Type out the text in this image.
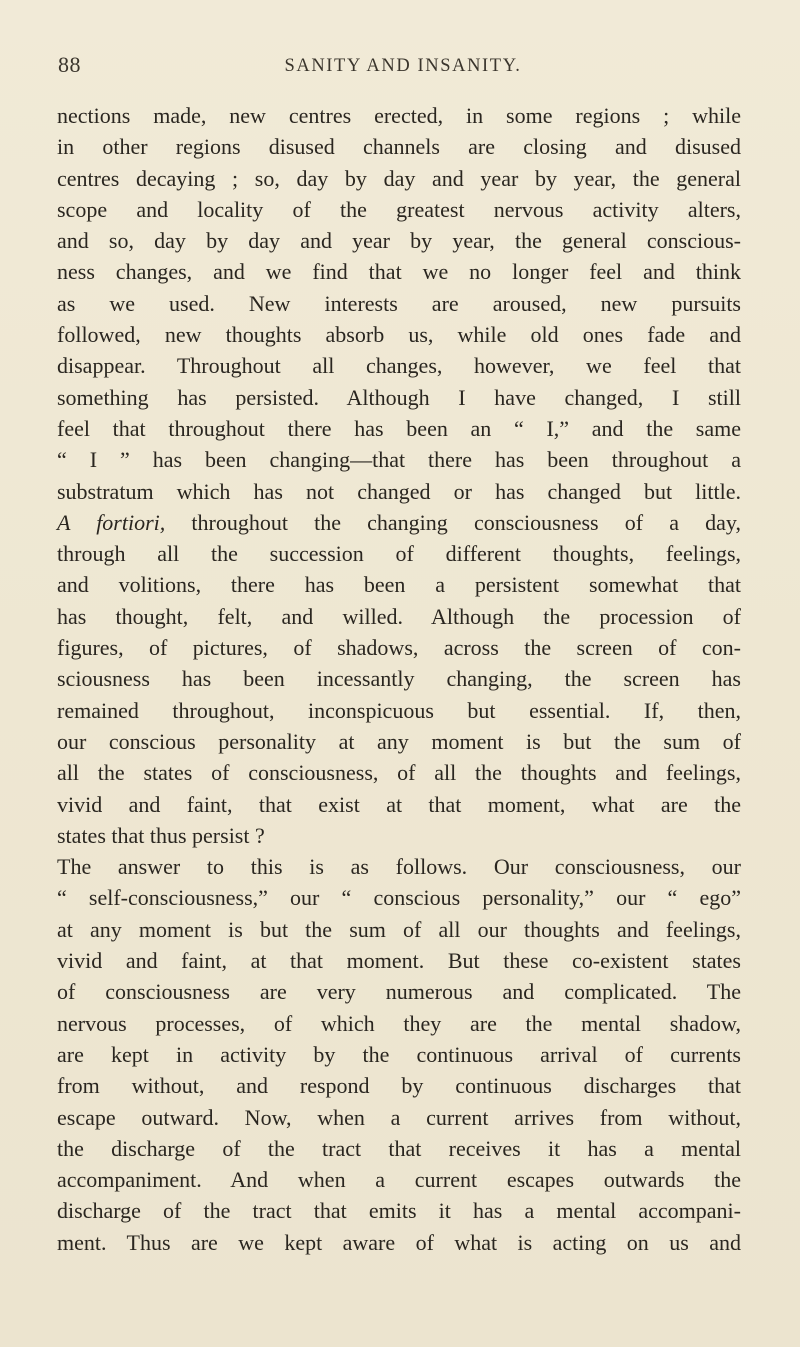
88	SANITY AND INSANITY.
nections made, new centres erected, in some regions ; while
in other regions disused channels are closing and disused
centres decaying ; so, day by day and year by year, the general
scope and locality of the greatest nervous activity alters,
and so, day by day and year by year, the general conscious-
ness changes, and we find that we no longer feel and think
as we used. New interests are aroused, new pursuits
followed, new thoughts absorb us, while old ones fade and
disappear. Throughout all changes, however, we feel that
something has persisted. Although I have changed, I still
feel that throughout there has been an “ I,” and the same
“ I ” has been changing—that there has been throughout a
substratum which has not changed or has changed but little.
A fortiori, throughout the changing consciousness of a day,
through all the succession of different thoughts, feelings,
and volitions, there has been a persistent somewhat that
has thought, felt, and willed. Although the procession of
figures, of pictures, of shadows, across the screen of con-
sciousness has been incessantly changing, the screen has
remained throughout, inconspicuous but essential. If, then,
our conscious personality at any moment is but the sum of
all the states of consciousness, of all the thoughts and feelings,
vivid and faint, that exist at that moment, what are the
states that thus persist ?
The answer to this is as follows. Our consciousness, our
“ self-consciousness,” our “ conscious personality,” our “ ego”
at any moment is but the sum of all our thoughts and feelings,
vivid and faint, at that moment. But these co-existent states
of consciousness are very numerous and complicated. The
nervous processes, of which they are the mental shadow,
are kept in activity by the continuous arrival of currents
from without, and respond by continuous discharges that
escape outward. Now, when a current arrives from without,
the discharge of the tract that receives it has a mental
accompaniment. And when a current escapes outwards the
discharge of the tract that emits it has a mental accompani-
ment. Thus are we kept aware of what is acting on us and
